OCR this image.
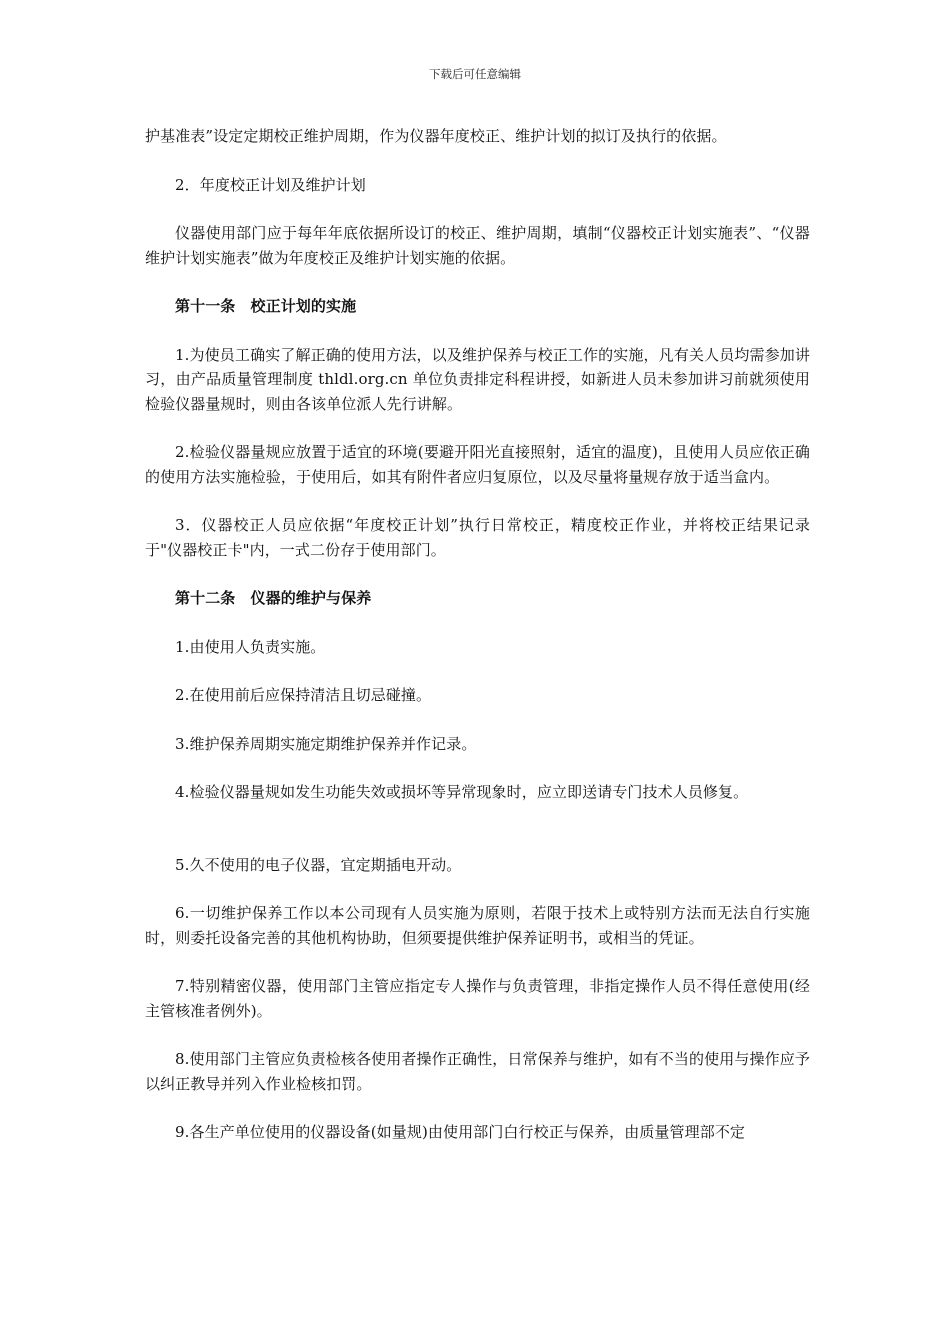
下载后可任意编辑

护基准表”设定定期校正维护周期，作为仪器年度校正、维护计划的拟订及执行的依据。

2．年度校正计划及维护计划

仪器使用部门应于每年年底依据所设订的校正、维护周期，填制“仪器校正计划实施表”、“仪器维护计划实施表”做为年度校正及维护计划实施的依据。

第十一条　校正计划的实施

1.为使员工确实了解正确的使用方法，以及维护保养与校正工作的实施，凡有关人员均需参加讲习，由产品质量管理制度 thldl.org.cn 单位负责排定科程讲授，如新进人员未参加讲习前就须使用检验仪器量规时，则由各该单位派人先行讲解。

2.检验仪器量规应放置于适宜的环境(要避开阳光直接照射，适宜的温度)，且使用人员应依正确的使用方法实施检验，于使用后，如其有附件者应归复原位，以及尽量将量规存放于适当盒内。

3．仪器校正人员应依据“年度校正计划”执行日常校正，精度校正作业，并将校正结果记录于"仪器校正卡"内，一式二份存于使用部门。

第十二条　仪器的维护与保养

1.由使用人负责实施。

2.在使用前后应保持清洁且切忌碰撞。

3.维护保养周期实施定期维护保养并作记录。

4.检验仪器量规如发生功能失效或损坏等异常现象时，应立即送请专门技术人员修复。

5.久不使用的电子仪器，宜定期插电开动。

6.一切维护保养工作以本公司现有人员实施为原则，若限于技术上或特别方法而无法自行实施时，则委托设备完善的其他机构协助，但须要提供维护保养证明书，或相当的凭证。

7.特别精密仪器，使用部门主管应指定专人操作与负责管理，非指定操作人员不得任意使用(经主管核准者例外)。

8.使用部门主管应负责检核各使用者操作正确性，日常保养与维护，如有不当的使用与操作应予以纠正教导并列入作业检核扣罚。

9.各生产单位使用的仪器设备(如量规)由使用部门白行校正与保养，由质量管理部不定
